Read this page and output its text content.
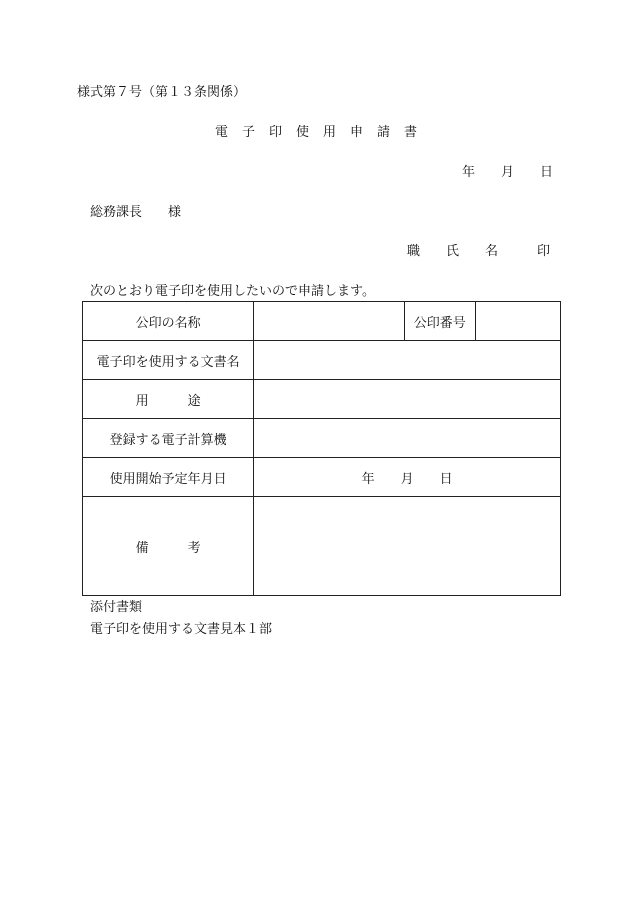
様式第７号（第１３条関係）
電　子　印　使　用　申　請　書
年　　月　　日
総務課長　　様
職　　氏　　名　　　印
次のとおり電子印を使用したいので申請します。
公印の名称		公印番号	
電子印を使用する文書名			
用　　　途			
登録する電子計算機			
使用開始予定年月日	年　　月　　日		
備　　　考			
添付書類
電子印を使用する文書見本１部
